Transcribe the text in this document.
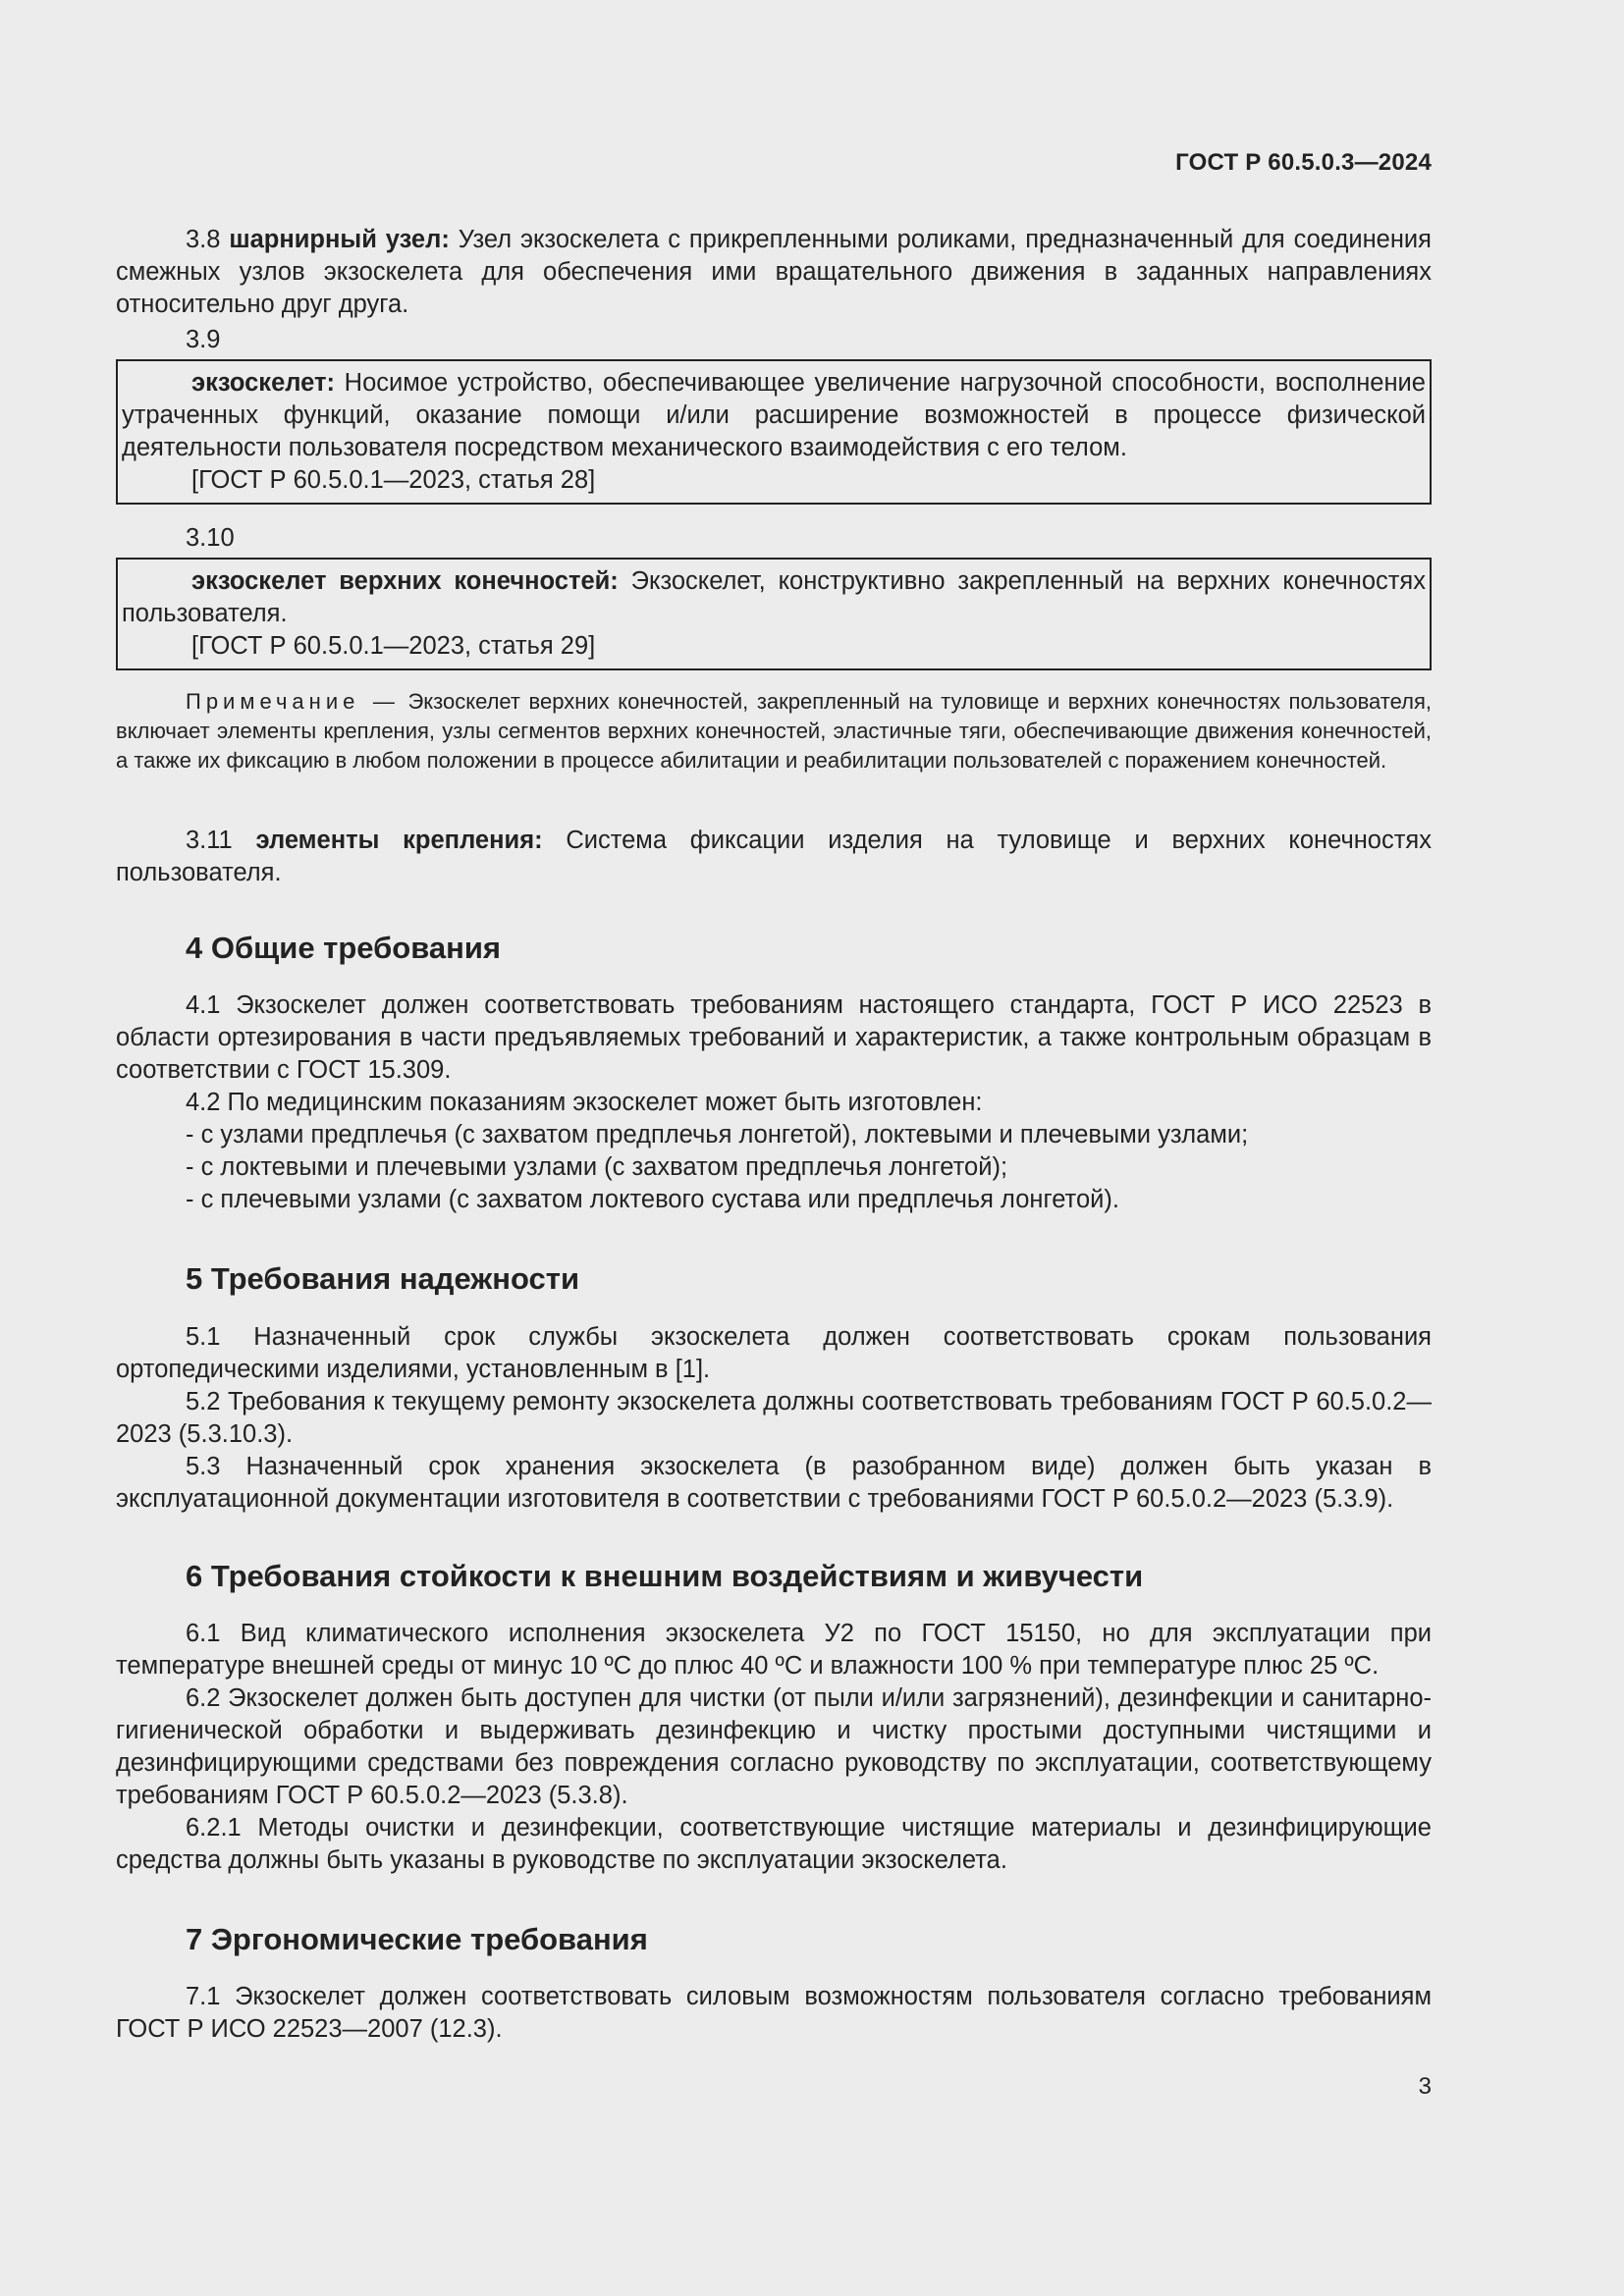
ГОСТ Р 60.5.0.3—2024

3.8 шарнирный узел: Узел экзоскелета с прикрепленными роликами, предназначенный для соединения смежных узлов экзоскелета для обеспечения ими вращательного движения в заданных направлениях относительно друг друга.

3.9

экзоскелет: Носимое устройство, обеспечивающее увеличение нагрузочной способности, восполнение утраченных функций, оказание помощи и/или расширение возможностей в процессе физической деятельности пользователя посредством механического взаимодействия с его телом.

[ГОСТ Р 60.5.0.1—2023, статья 28]

3.10

экзоскелет верхних конечностей: Экзоскелет, конструктивно закрепленный на верхних конечностях пользователя.

[ГОСТ Р 60.5.0.1—2023, статья 29]

Примечание — Экзоскелет верхних конечностей, закрепленный на туловище и верхних конечностях пользователя, включает элементы крепления, узлы сегментов верхних конечностей, эластичные тяги, обеспечивающие движения конечностей, а также их фиксацию в любом положении в процессе абилитации и реабилитации пользователей с поражением конечностей.

3.11 элементы крепления: Система фиксации изделия на туловище и верхних конечностях пользователя.

4 Общие требования

4.1 Экзоскелет должен соответствовать требованиям настоящего стандарта, ГОСТ Р ИСО 22523 в области ортезирования в части предъявляемых требований и характеристик, а также контрольным образцам в соответствии с ГОСТ 15.309.

4.2 По медицинским показаниям экзоскелет может быть изготовлен:

- с узлами предплечья (с захватом предплечья лонгетой), локтевыми и плечевыми узлами;

- с локтевыми и плечевыми узлами (с захватом предплечья лонгетой);

- с плечевыми узлами (с захватом локтевого сустава или предплечья лонгетой).

5 Требования надежности

5.1 Назначенный срок службы экзоскелета должен соответствовать срокам пользования ортопедическими изделиями, установленным в [1].

5.2 Требования к текущему ремонту экзоскелета должны соответствовать требованиям ГОСТ Р 60.5.0.2—2023 (5.3.10.3).

5.3 Назначенный срок хранения экзоскелета (в разобранном виде) должен быть указан в эксплуатационной документации изготовителя в соответствии с требованиями ГОСТ Р 60.5.0.2—2023 (5.3.9).

6 Требования стойкости к внешним воздействиям и живучести

6.1 Вид климатического исполнения экзоскелета У2 по ГОСТ 15150, но для эксплуатации при температуре внешней среды от минус 10 ºС до плюс 40 ºС и влажности 100 % при температуре плюс 25 ºС.

6.2 Экзоскелет должен быть доступен для чистки (от пыли и/или загрязнений), дезинфекции и санитарно-гигиенической обработки и выдерживать дезинфекцию и чистку простыми доступными чистящими и дезинфицирующими средствами без повреждения согласно руководству по эксплуатации, соответствующему требованиям ГОСТ Р 60.5.0.2—2023 (5.3.8).

6.2.1 Методы очистки и дезинфекции, соответствующие чистящие материалы и дезинфицирующие средства должны быть указаны в руководстве по эксплуатации экзоскелета.

7 Эргономические требования

7.1 Экзоскелет должен соответствовать силовым возможностям пользователя согласно требованиям ГОСТ Р ИСО 22523—2007 (12.3).

3
